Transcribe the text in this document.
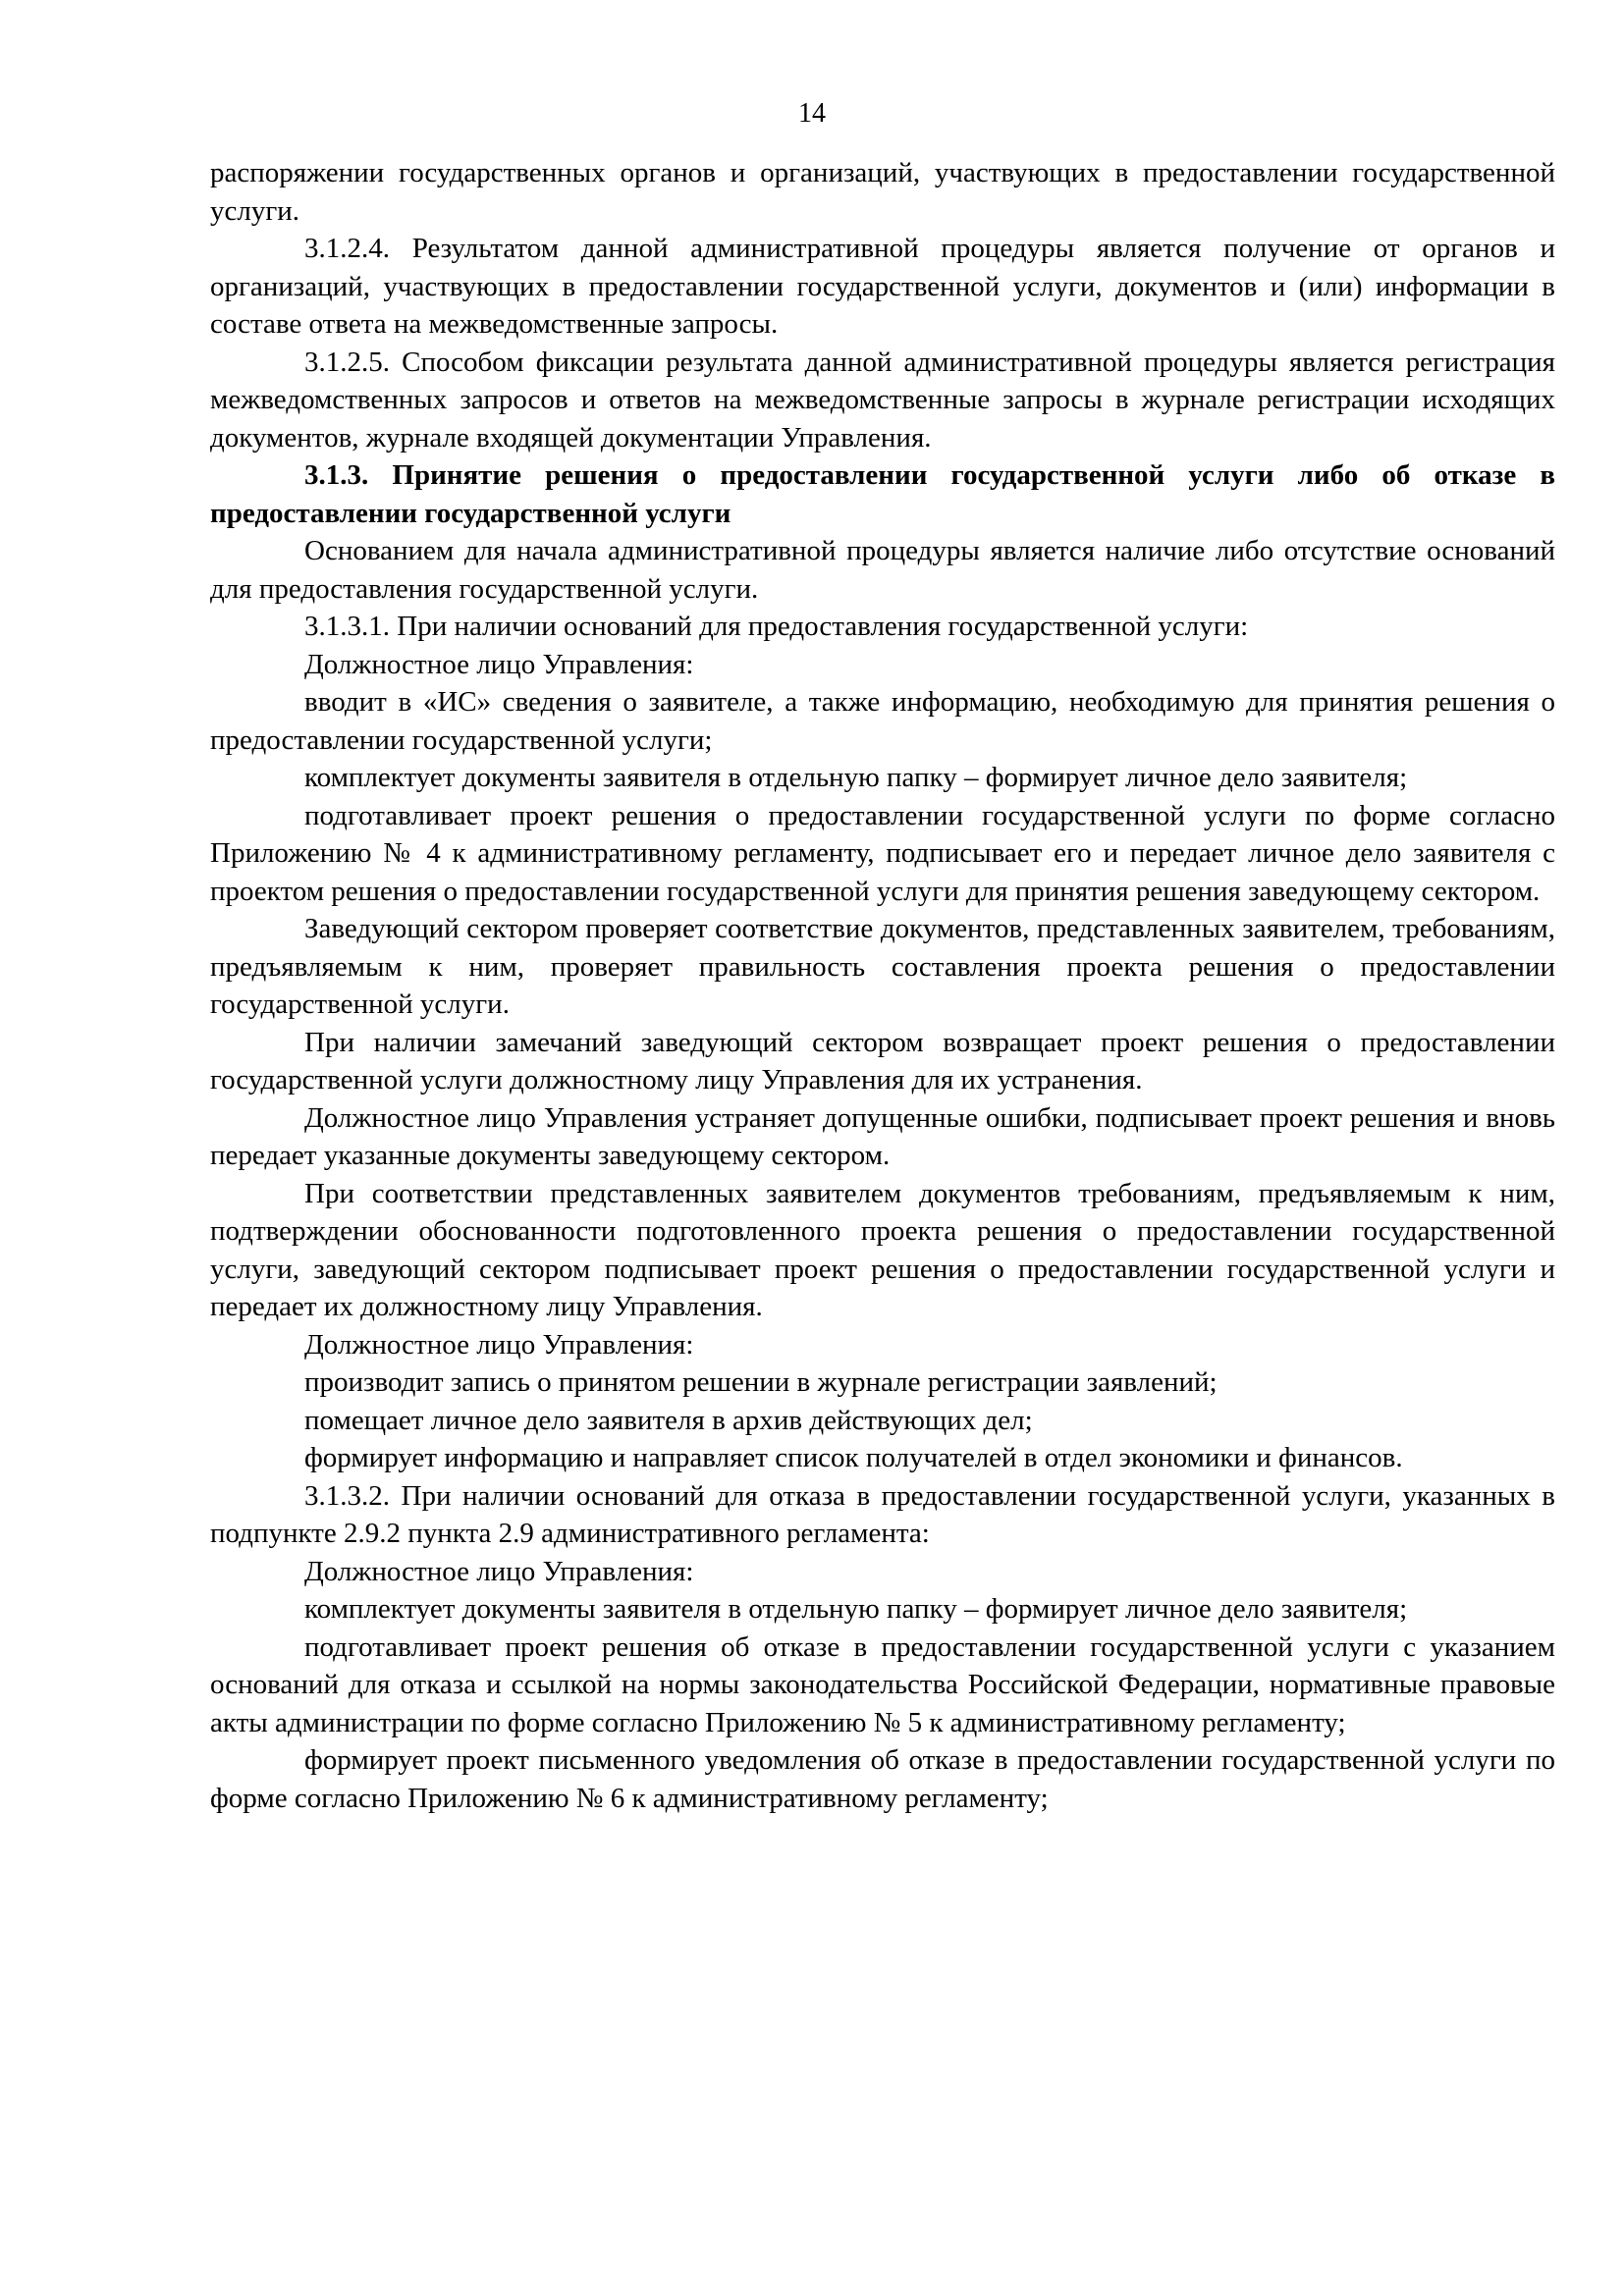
14

распоряжении государственных органов и организаций, участвующих в предоставлении государственной услуги.

3.1.2.4. Результатом данной административной процедуры является получение от органов и организаций, участвующих в предоставлении государственной услуги, документов и (или) информации в составе ответа на межведомственные запросы.

3.1.2.5. Способом фиксации результата данной административной процедуры является регистрация межведомственных запросов и ответов на межведомственные запросы в журнале регистрации исходящих документов, журнале входящей документации Управления.

3.1.3. Принятие решения о предоставлении государственной услуги либо об отказе в предоставлении государственной услуги

Основанием для начала административной процедуры является наличие либо отсутствие оснований для предоставления государственной услуги.

3.1.3.1. При наличии оснований для предоставления государственной услуги:

Должностное лицо Управления:

вводит в «ИС» сведения о заявителе, а также информацию, необходимую для принятия решения о предоставлении государственной услуги;

комплектует документы заявителя в отдельную папку – формирует личное дело заявителя;

подготавливает проект решения о предоставлении государственной услуги по форме согласно Приложению № 4 к административному регламенту, подписывает его и передает личное дело заявителя с проектом решения о предоставлении государственной услуги для принятия решения заведующему сектором.

Заведующий сектором проверяет соответствие документов, представленных заявителем, требованиям, предъявляемым к ним, проверяет правильность составления проекта решения о предоставлении государственной услуги.

При наличии замечаний заведующий сектором возвращает проект решения о предоставлении государственной услуги должностному лицу Управления для их устранения.

Должностное лицо Управления устраняет допущенные ошибки, подписывает проект решения и вновь передает указанные документы заведующему сектором.

При соответствии представленных заявителем документов требованиям, предъявляемым к ним, подтверждении обоснованности подготовленного проекта решения о предоставлении государственной услуги, заведующий сектором подписывает проект решения о предоставлении государственной услуги и передает их должностному лицу Управления.

Должностное лицо Управления:

производит запись о принятом решении в журнале регистрации заявлений;

помещает личное дело заявителя в архив действующих дел;

формирует информацию и направляет список получателей в отдел экономики и финансов.

3.1.3.2. При наличии оснований для отказа в предоставлении государственной услуги, указанных в подпункте 2.9.2 пункта 2.9 административного регламента:

Должностное лицо Управления:

комплектует документы заявителя в отдельную папку – формирует личное дело заявителя;

подготавливает проект решения об отказе в предоставлении государственной услуги с указанием оснований для отказа и ссылкой на нормы законодательства Российской Федерации, нормативные правовые акты администрации по форме согласно Приложению № 5 к административному регламенту;

формирует проект письменного уведомления об отказе в предоставлении государственной услуги по форме согласно Приложению № 6 к административному регламенту;
